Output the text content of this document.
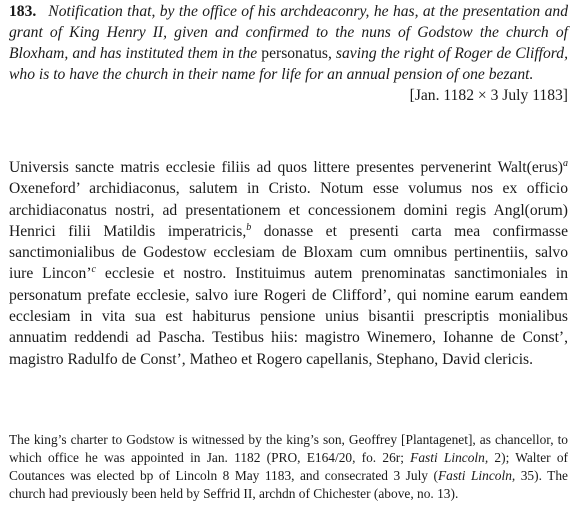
183. Notification that, by the office of his archdeaconry, he has, at the presentation and grant of King Henry II, given and confirmed to the nuns of Godstow the church of Bloxham, and has instituted them in the personatus, saving the right of Roger de Clifford, who is to have the church in their name for life for an annual pension of one bezant.
[Jan. 1182 × 3 July 1183]
Universis sancte matris ecclesie filiis ad quos littere presentes pervenerint Walt(erus)$^a$ Oxeneford’ archidiaconus, salutem in Cristo. Notum esse volumus nos ex officio archidiaconatus nostri, ad presentationem et concessionem domini regis Angl(orum) Henrici filii Matildis imperatricis,$^b$ donasse et presenti carta mea confirmasse sanctimonialibus de Godestow ecclesiam de Bloxam cum omnibus pertinentiis, salvo iure Lincon’$^c$ ecclesie et nostro. Instituimus autem prenominatas sanctimoniales in personatum prefate ecclesie, salvo iure Rogeri de Clifford’, qui nomine earum eandem ecclesiam in vita sua est habiturus pensione unius bisantii prescriptis monialibus annuatim reddendi ad Pascha. Testibus hiis: magistro Winemero, Iohanne de Const’, magistro Radulfo de Const’, Matheo et Rogero capellanis, Stephano, David clericis.
The king’s charter to Godstow is witnessed by the king’s son, Geoffrey [Plantagenet], as chancellor, to which office he was appointed in Jan. 1182 (PRO, E164/20, fo. 26r; Fasti Lincoln, 2); Walter of Coutances was elected bp of Lincoln 8 May 1183, and consecrated 3 July (Fasti Lincoln, 35). The church had previously been held by Seffrid II, archdn of Chichester (above, no. 13).
